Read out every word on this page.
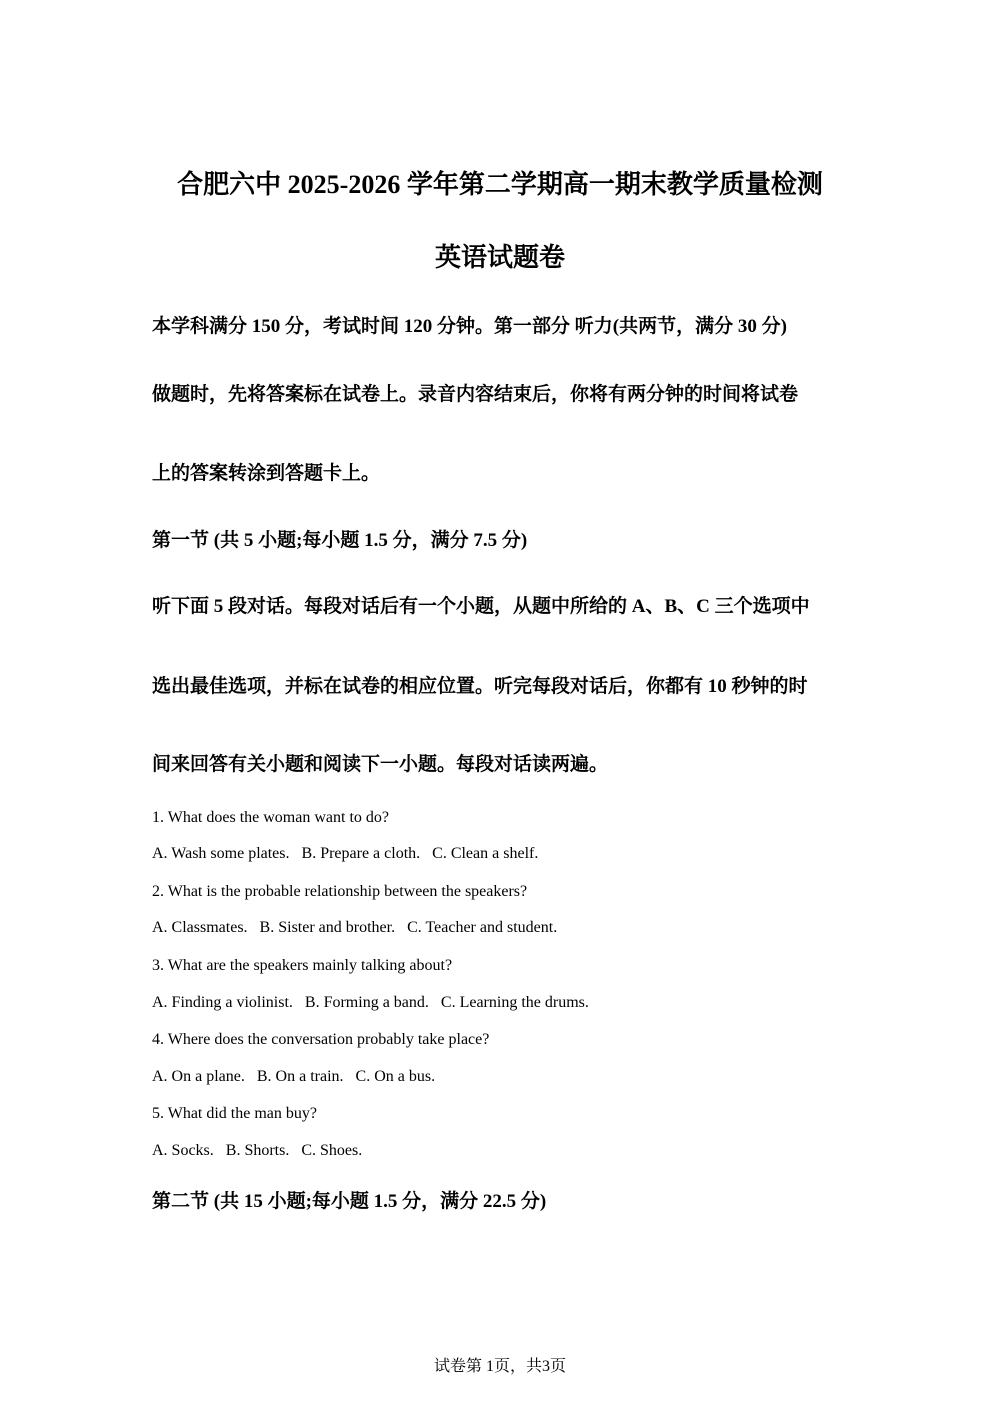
合肥六中 2025-2026 学年第二学期高一期末教学质量检测
英语试题卷
本学科满分 150 分，考试时间 120 分钟。第一部分 听力(共两节，满分 30 分)
做题时，先将答案标在试卷上。录音内容结束后，你将有两分钟的时间将试卷
上的答案转涂到答题卡上。
第一节 (共 5 小题;每小题 1.5 分，满分 7.5 分)
听下面 5 段对话。每段对话后有一个小题，从题中所给的 A、B、C 三个选项中
选出最佳选项，并标在试卷的相应位置。听完每段对话后，你都有 10 秒钟的时
间来回答有关小题和阅读下一小题。每段对话读两遍。
1. What does the woman want to do?
A. Wash some plates. B. Prepare a cloth. C. Clean a shelf.
2. What is the probable relationship between the speakers?
A. Classmates. B. Sister and brother. C. Teacher and student.
3. What are the speakers mainly talking about?
A. Finding a violinist. B. Forming a band. C. Learning the drums.
4. Where does the conversation probably take place?
A. On a plane. B. On a train. C. On a bus.
5. What did the man buy?
A. Socks. B. Shorts. C. Shoes.
第二节 (共 15 小题;每小题 1.5 分，满分 22.5 分)
试卷第 1页，共3页
